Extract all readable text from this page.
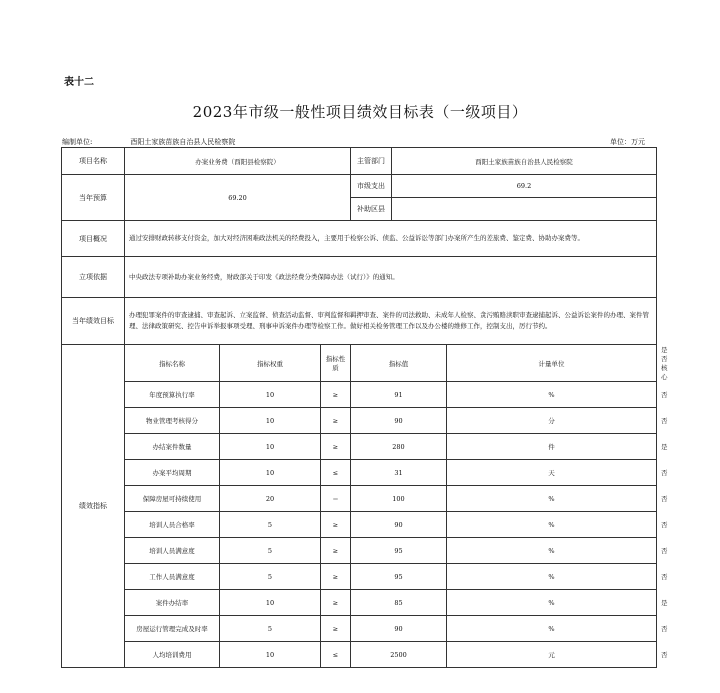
表十二
2023年市级一般性项目绩效目标表（一级项目）
编制单位:	酉阳土家族苗族自治县人民检察院	单位：万元
项目名称	办案业务费（酉阳县检察院）			主管部门	酉阳土家族苗族自治县人民检察院		
当年预算	69.20			市级支出	69.2		
				补助区县			
项目概况	通过安排财政转移支付资金，加大对经济困难政法机关的经费投入，主要用于检察公诉、侦监、公益诉讼等部门办案所产生的差旅费、鉴定费、协助办案费等。						
立项依据	中央政法专项补助办案业务经费，财政部关于印发《政法经费分类保障办法（试行）》的通知。						
当年绩效目标	办理犯罪案件的审查逮捕、审查起诉、立案监督、侦查活动监督、审判监督和羁押审查、案件的司法救助、未成年人检察、贪污贿赂渎职审查逮捕起诉、公益诉讼案件的办理、案件管理、法律政策研究、控告申诉举报事项受理、刑事申诉案件办理等检察工作。做好相关检务管理工作以及办公楼的维修工作，控制支出，厉行节约。						
绩效指标	指标名称	指标权重	指标性质	指标值		计量单位	是否核心
	年度预算执行率	10	≥	91		%	否
	物业管理考核得分	10	≥	90		分	否
	办结案件数量	10	≥	280		件	是
	办案平均周期	10	≤	31		天	否
	保障房屋可持续使用	20	＝	100		%	否
	培训人员合格率	5	≥	90		%	否
	培训人员满意度	5	≥	95		%	否
	工作人员满意度	5	≥	95		%	否
	案件办结率	10	≥	85		%	是
	房屋运行管理完成及时率	5	≥	90		%	否
	人均培训费用	10	≤	2500		元	否
